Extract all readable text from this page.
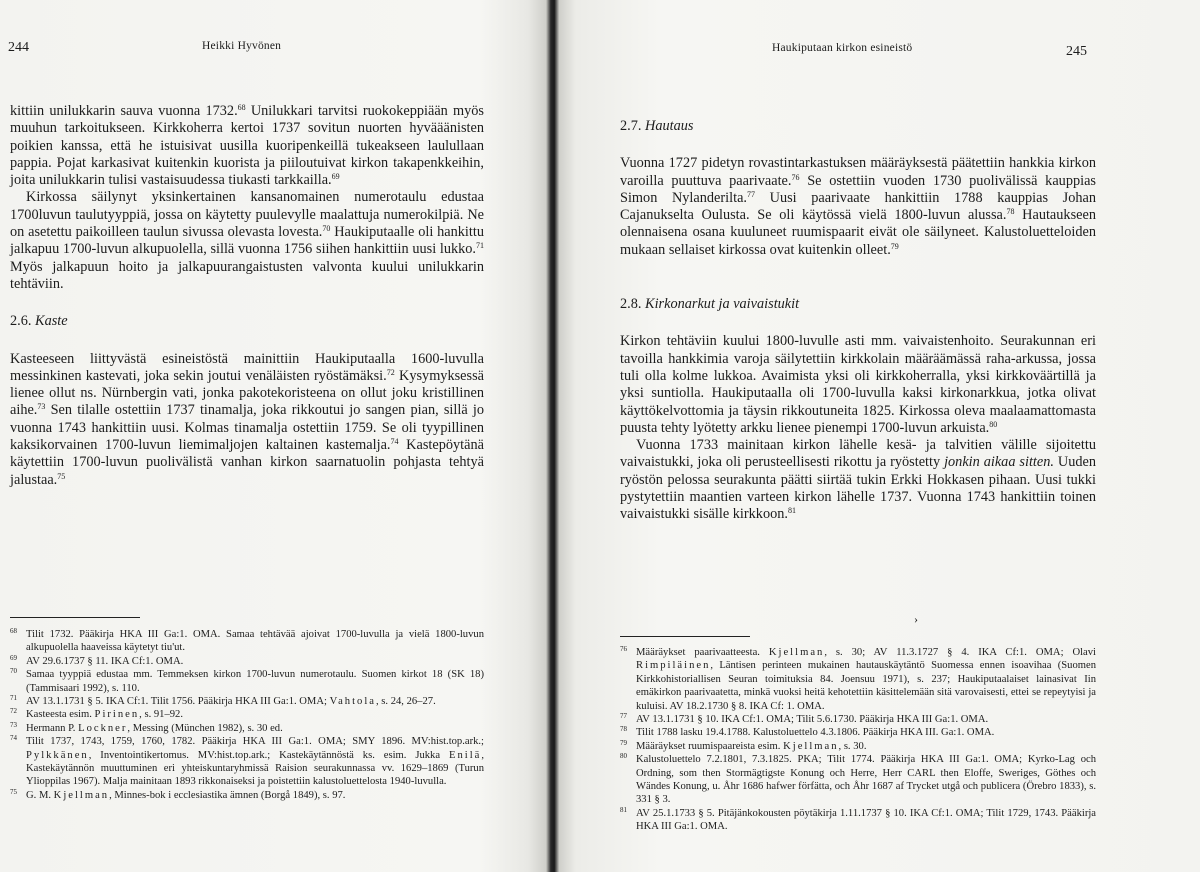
244	Heikki Hyvönen

kittiin unilukkarin sauva vuonna 1732.68 Unilukkari tarvitsi ruokokeppiään myös muuhun tarkoitukseen. Kirkkoherra kertoi 1737 sovitun nuorten hyvääänisten poikien kanssa, että he istuisivat uusilla kuoripenkeillä tukeakseen laulullaan pappia. Pojat karkasivat kuitenkin kuorista ja piiloutuivat kirkon takapenkkeihin, joita unilukkarin tulisi vastaisuudessa tiukasti tarkkailla.$^{69}$

Kirkossa säilynyt yksinkertainen kansanomainen numerotaulu edustaa 1700luvun taulutyyppiä, jossa on käytetty puulevylle maalattuja numerokilpiä. Ne on asetettu paikoilleen taulun sivussa olevasta lovesta.$^{70}$ Haukiputaalle oli hankittu jalkapuu 1700-luvun alkupuolella, sillä vuonna 1756 siihen hankittiin uusi lukko.$^{71}$ Myös jalkapuun hoito ja jalkapuurangaistusten valvonta kuului unilukkarin tehtäviin.

2.6. Kaste

Kasteeseen liittyvästä esineistöstä mainittiin Haukiputaalla 1600-luvulla messinkinen kastevati, joka sekin joutui venäläisten ryöstämäksi.$^{72}$ Kysymyksessä lienee ollut ns. Nürnbergin vati, jonka pakotekoristeena on ollut joku kristillinen aihe.$^{73}$ Sen tilalle ostettiin 1737 tinamalja, joka rikkoutui jo sangen pian, sillä jo vuonna 1743 hankittiin uusi. Kolmas tinamalja ostettiin 1759. Se oli tyypillinen kaksikorvainen 1700-luvun liemimaljojen kaltainen kastemalja.$^{74}$ Kastepöytänä käytettiin 1700-luvun puolivälistä vanhan kirkon saarnatuolin pohjasta tehtyä jalustaa.$^{75}$

68 Tilit 1732. Pääkirja HKA III Ga:1. OMA. Samaa tehtävää ajoivat 1700-luvulla ja vielä 1800-luvun alkupuolella haaveissa käytetyt tiu'ut.

69 AV 29.6.1737 § 11. IKA Cf:1. OMA.

70 Samaa tyyppiä edustaa mm. Temmeksen kirkon 1700-luvun numerotaulu. Suomen kirkot 18 (SK 18) (Tammisaari 1992), s. 110.

71 AV 13.1.1731 § 5. IKA Cf:1. Tilit 1756. Pääkirja HKA III Ga:1. OMA; Vahtola, s. 24, 26–27.

72 Kasteesta esim. Pirinen, s. 91–92.

73 Hermann P. Lockner, Messing (München 1982), s. 30 ed.

74 Tilit 1737, 1743, 1759, 1760, 1782. Pääkirja HKA III Ga:1. OMA; SMY 1896. MV:hist.top.ark.; Pylkkänen, Inventointikertomus. MV:hist.top.ark.; Kastekäytännöstä ks. esim. Jukka Enilä, Kastekäytännön muuttuminen eri yhteiskuntaryhmissä Raision seurakunnassa vv. 1629–1869 (Turun Ylioppilas 1967). Malja mainitaan 1893 rikkonaiseksi ja poistettiin kalustoluettelosta 1940-luvulla.

75 G. M. Kjellman, Minnes-bok i ecclesiastika ämnen (Borgå 1849), s. 97.

Haukiputaan kirkon esineistö	245

2.7. Hautaus

Vuonna 1727 pidetyn rovastintarkastuksen määräyksestä päätettiin hankkia kirkon varoilla puuttuva paarivaate.$^{76}$ Se ostettiin vuoden 1730 puolivälissä kauppias Simon Nylanderilta.$^{77}$ Uusi paarivaate hankittiin 1788 kauppias Johan Cajanukselta Oulusta. Se oli käytössä vielä 1800-luvun alussa.$^{78}$ Hautaukseen olennaisena osana kuuluneet ruumispaarit eivät ole säilyneet. Kalustoluetteloiden mukaan sellaiset kirkossa ovat kuitenkin olleet.$^{79}$

2.8. Kirkonarkut ja vaivaistukit

Kirkon tehtäviin kuului 1800-luvulle asti mm. vaivaistenhoito. Seurakunnan eri tavoilla hankkimia varoja säilytettiin kirkkolain määräämässä raha-arkussa, jossa tuli olla kolme lukkoa. Avaimista yksi oli kirkkoherralla, yksi kirkkoväärtillä ja yksi suntiolla. Haukiputaalla oli 1700-luvulla kaksi kirkonarkkua, jotka olivat käyttökelvottomia ja täysin rikkoutuneita 1825. Kirkossa oleva maalaamattomasta puusta tehty lyötetty arkku lienee pienempi 1700-luvun arkuista.$^{80}$

Vuonna 1733 mainitaan kirkon lähelle kesä- ja talvitien välille sijoitettu vaivaistukki, joka oli perusteellisesti rikottu ja ryöstetty jonkin aikaa sitten. Uuden ryöstön pelossa seurakunta päätti siirtää tukin Erkki Hokkasen pihaan. Uusi tukki pystytettiin maantien varteen kirkon lähelle 1737. Vuonna 1743 hankittiin toinen vaivaistukki sisälle kirkkoon.$^{81}$

›

76 Määräykset paarivaatteesta. Kjellman, s. 30; AV 11.3.1727 § 4. IKA Cf:1. OMA; Olavi Rimpiläinen, Läntisen perinteen mukainen hautauskäytäntö Suomessa ennen isoavihaa (Suomen Kirkkohistoriallisen Seuran toimituksia 84. Joensuu 1971), s. 237; Haukiputaalaiset lainasivat Iin emäkirkon paarivaatetta, minkä vuoksi heitä kehotettiin käsittelemään sitä varovaisesti, ettei se repeytyisi ja kuluisi. AV 18.2.1730 § 8. IKA Cf: 1. OMA.

77 AV 13.1.1731 § 10. IKA Cf:1. OMA; Tilit 5.6.1730. Pääkirja HKA III Ga:1. OMA.

78 Tilit 1788 lasku 19.4.1788. Kalustoluettelo 4.3.1806. Pääkirja HKA III. Ga:1. OMA.

79 Määräykset ruumispaareista esim. Kjellman, s. 30.

80 Kalustoluettelo 7.2.1801, 7.3.1825. PKA; Tilit 1774. Pääkirja HKA III Ga:1. OMA; Kyrko-Lag och Ordning, som then Stormägtigste Konung och Herre, Herr CARL then Eloffe, Sweriges, Göthes och Wändes Konung, u. Åhr 1686 hafwer förfätta, och Åhr 1687 af Trycket utgå och publicera (Örebro 1833), s. 331 § 3.

81 AV 25.1.1733 § 5. Pitäjänkokousten pöytäkirja 1.11.1737 § 10. IKA Cf:1. OMA; Tilit 1729, 1743. Pääkirja HKA III Ga:1. OMA.
